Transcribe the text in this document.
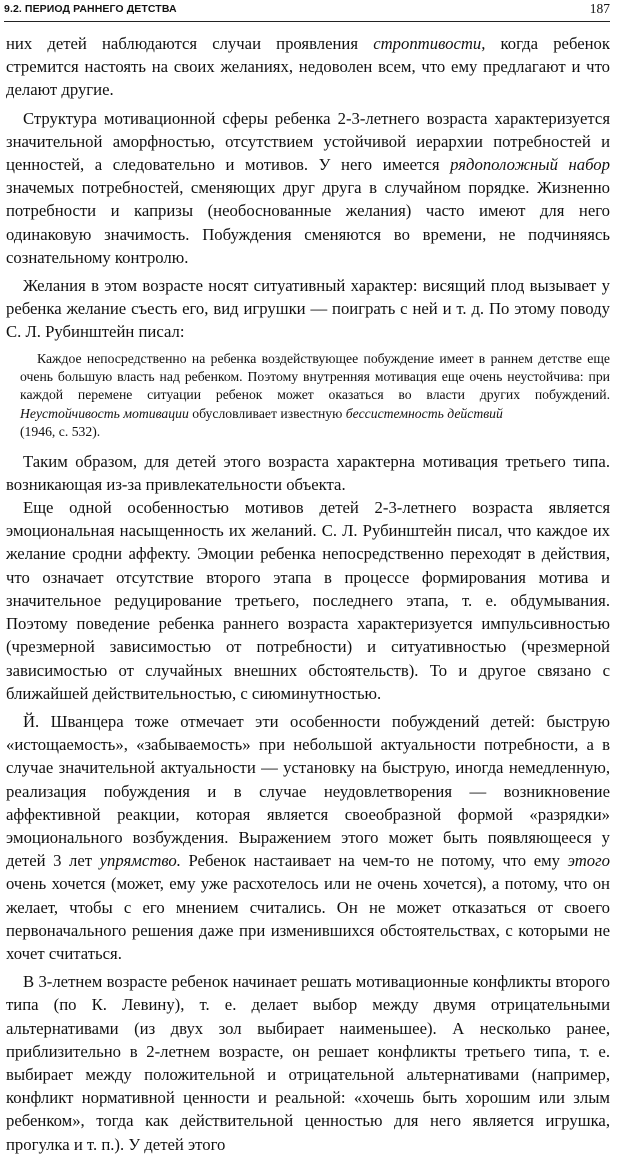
9.2. ПЕРИОД РАННЕГО ДЕТСТВА	187

них детей наблюдаются случаи проявления строптивости, когда ребенок стремится настоять на своих желаниях, недоволен всем, что ему предлагают и что делают другие.

Структура мотивационной сферы ребенка 2-3-летнего возраста характеризуется значительной аморфностью, отсутствием устойчивой иерархии потребностей и ценностей, а следовательно и мотивов. У него имеется рядоположный набор значемых потребностей, сменяющих друг друга в случайном порядке. Жизненно потребности и капризы (необоснованные желания) часто имеют для него одинаковую значимость. Побуждения сменяются во времени, не подчиняясь сознательному контролю.

Желания в этом возрасте носят ситуативный характер: висящий плод вызывает у ребенка желание съесть его, вид игрушки — поиграть с ней и т. д. По этому поводу С. Л. Рубинштейн писал:

Каждое непосредственно на ребенка воздействующее побуждение имеет в раннем детстве еще очень большую власть над ребенком. Поэтому внутренняя мотивация еще очень неустойчива: при каждой перемене ситуации ребенок может оказаться во власти других побуждений. Неустойчивость мотивации обусловливает известную бессистемность действий

(1946, с. 532).

Таким образом, для детей этого возраста характерна мотивация третьего типа. возникающая из-за привлекательности объекта.

Еще одной особенностью мотивов детей 2-3-летнего возраста является эмоциональная насыщенность их желаний. С. Л. Рубинштейн писал, что каждое их желание сродни аффекту. Эмоции ребенка непосредственно переходят в действия, что означает отсутствие второго этапа в процессе формирования мотива и значительное редуцирование третьего, последнего этапа, т. е. обдумывания. Поэтому поведение ребенка раннего возраста характеризуется импульсивностью (чрезмерной зависимостью от потребности) и ситуативностью (чрезмерной зависимостью от случайных внешних обстоятельств). То и другое связано с ближайшей действительностью, с сиюминутностью.

Й. Шванцера тоже отмечает эти особенности побуждений детей: быструю «истощаемость», «забываемость» при небольшой актуальности потребности, а в случае значительной актуальности — установку на быструю, иногда немедленную, реализация побуждения и в случае неудовлетворения — возникновение аффективной реакции, которая является своеобразной формой «разрядки» эмоционального возбуждения. Выражением этого может быть появляющееся у детей 3 лет упрямство. Ребенок настаивает на чем-то не потому, что ему этого очень хочется (может, ему уже расхотелось или не очень хочется), а потому, что он желает, чтобы с его мнением считались. Он не может отказаться от своего первоначального решения даже при изменившихся обстоятельствах, с которыми не хочет считаться.

В 3-летнем возрасте ребенок начинает решать мотивационные конфликты второго типа (по К. Левину), т. е. делает выбор между двумя отрицательными альтернативами (из двух зол выбирает наименьшее). А несколько ранее, приблизительно в 2-летнем возрасте, он решает конфликты третьего типа, т. е. выбирает между положительной и отрицательной альтернативами (например, конфликт нормативной ценности и реальной: «хочешь быть хорошим или злым ребенком», тогда как действительной ценностью для него является игрушка, прогулка и т. п.). У детей этого
